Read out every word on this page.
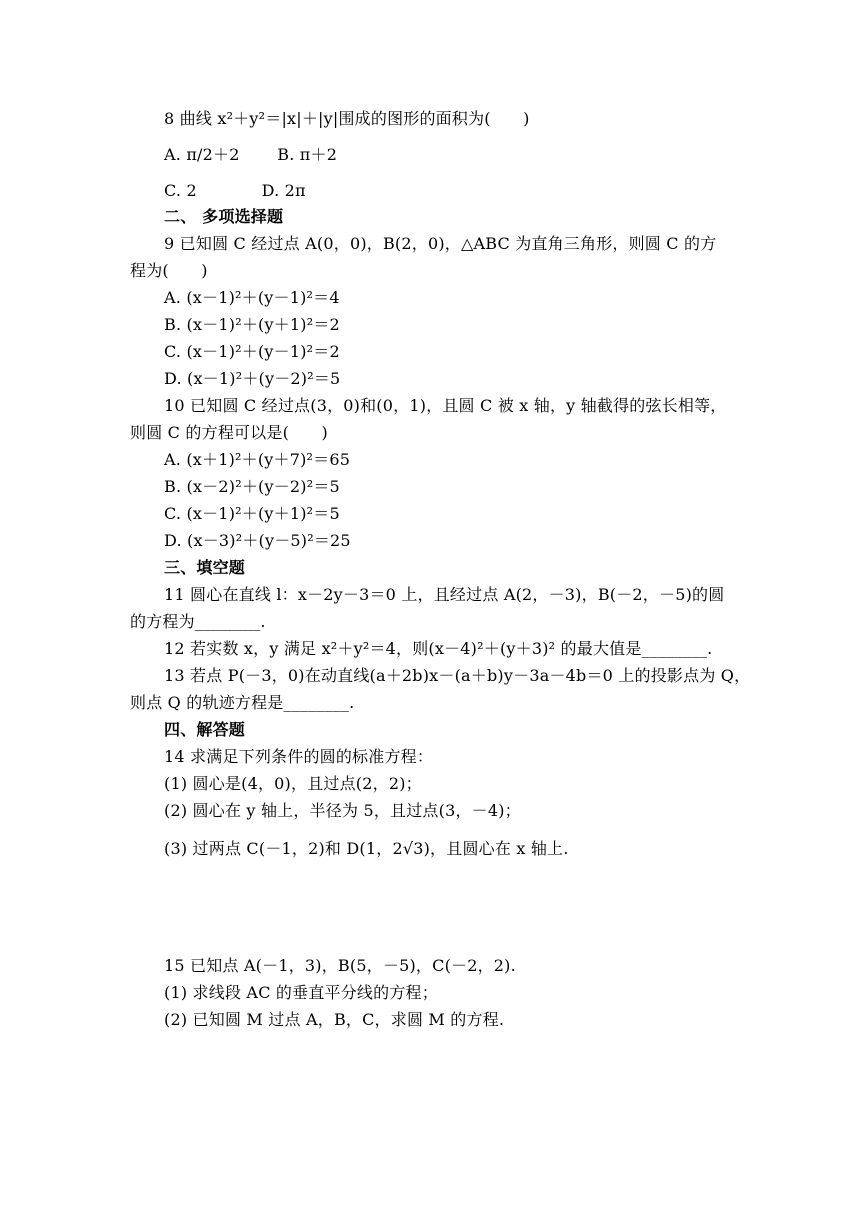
8 曲线 x²＋y²＝|x|＋|y|围成的图形的面积为(　　)
A. π/2＋2　　 B. π＋2
C. 2　　　　D. 2π
二、 多项选择题
9 已知圆 C 经过点 A(0，0)，B(2，0)，△ABC 为直角三角形，则圆 C 的方
程为(　　)
A. (x－1)²＋(y－1)²＝4
B. (x－1)²＋(y＋1)²＝2
C. (x－1)²＋(y－1)²＝2
D. (x－1)²＋(y－2)²＝5
10 已知圆 C 经过点(3，0)和(0，1)，且圆 C 被 x 轴，y 轴截得的弦长相等，
则圆 C 的方程可以是(　　)
A. (x＋1)²＋(y＋7)²＝65
B. (x－2)²＋(y－2)²＝5
C. (x－1)²＋(y＋1)²＝5
D. (x－3)²＋(y－5)²＝25
三、填空题
11 圆心在直线 l：x－2y－3＝0 上，且经过点 A(2，－3)，B(－2，－5)的圆
的方程为________.
12 若实数 x，y 满足 x²＋y²＝4，则(x－4)²＋(y＋3)² 的最大值是________.
13 若点 P(－3，0)在动直线(a＋2b)x－(a＋b)y－3a－4b＝0 上的投影点为 Q，
则点 Q 的轨迹方程是________.
四、解答题
14 求满足下列条件的圆的标准方程：
(1) 圆心是(4，0)，且过点(2，2)；
(2) 圆心在 y 轴上，半径为 5，且过点(3，－4)；
(3) 过两点 C(－1，2)和 D(1，2√3)，且圆心在 x 轴上.
15 已知点 A(－1，3)，B(5，－5)，C(－2，2).
(1) 求线段 AC 的垂直平分线的方程；
(2) 已知圆 M 过点 A，B，C，求圆 M 的方程.
